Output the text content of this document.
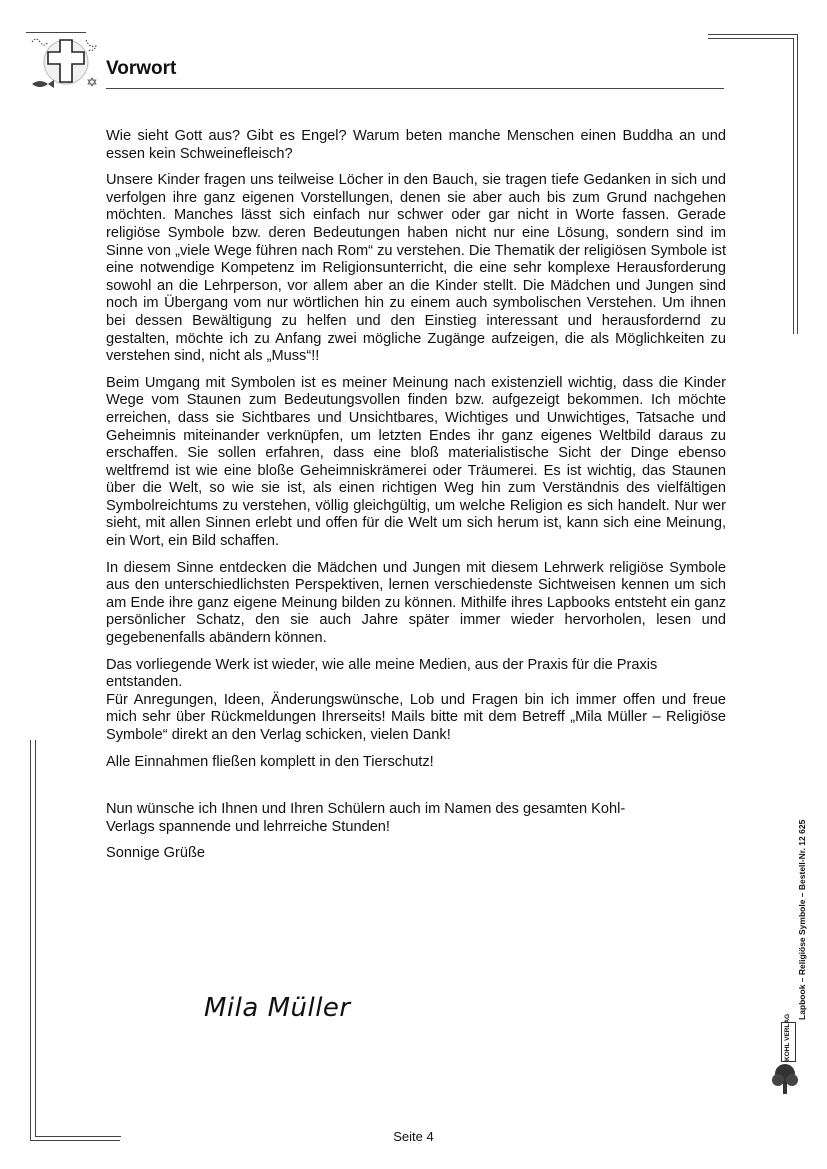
Vorwort

Wie sieht Gott aus? Gibt es Engel? Warum beten manche Menschen einen Buddha an und essen kein Schweinefleisch?

Unsere Kinder fragen uns teilweise Löcher in den Bauch, sie tragen tiefe Gedanken in sich und verfolgen ihre ganz eigenen Vorstellungen, denen sie aber auch bis zum Grund nachgehen möchten. Manches lässt sich einfach nur schwer oder gar nicht in Worte fassen. Gerade religiöse Symbole bzw. deren Bedeutungen haben nicht nur eine Lösung, sondern sind im Sinne von „viele Wege führen nach Rom“ zu verstehen. Die Thematik der religiösen Symbole ist eine notwendige Kompetenz im Religionsunterricht, die eine sehr komplexe Herausforderung sowohl an die Lehrperson, vor allem aber an die Kinder stellt. Die Mädchen und Jungen sind noch im Übergang vom nur wörtlichen hin zu einem auch symbolischen Verstehen. Um ihnen bei dessen Bewältigung zu helfen und den Einstieg interessant und herausfordernd zu gestalten, möchte ich zu Anfang zwei mögliche Zugänge aufzeigen, die als Möglichkeiten zu verstehen sind, nicht als „Muss“!!

Beim Umgang mit Symbolen ist es meiner Meinung nach existenziell wichtig, dass die Kinder Wege vom Staunen zum Bedeutungsvollen finden bzw. aufgezeigt bekommen. Ich möchte erreichen, dass sie Sichtbares und Unsichtbares, Wichtiges und Unwichtiges, Tatsache und Geheimnis miteinander verknüpfen, um letzten Endes ihr ganz eigenes Weltbild daraus zu erschaffen. Sie sollen erfahren, dass eine bloß materialistische Sicht der Dinge ebenso weltfremd ist wie eine bloße Geheimniskrämerei oder Träumerei. Es ist wichtig, das Staunen über die Welt, so wie sie ist, als einen richtigen Weg hin zum Verständnis des vielfältigen Symbolreichtums zu verstehen, völlig gleichgültig, um welche Religion es sich handelt. Nur wer sieht, mit allen Sinnen erlebt und offen für die Welt um sich herum ist, kann sich eine Meinung, ein Wort, ein Bild schaffen.

In diesem Sinne entdecken die Mädchen und Jungen mit diesem Lehrwerk religiöse Symbole aus den unterschiedlichsten Perspektiven, lernen verschiedenste Sichtweisen kennen um sich am Ende ihre ganz eigene Meinung bilden zu können. Mithilfe ihres Lapbooks entsteht ein ganz persönlicher Schatz, den sie auch Jahre später immer wieder hervorholen, lesen und gegebenenfalls abändern können.

Das vorliegende Werk ist wieder, wie alle meine Medien, aus der Praxis für die Praxis entstanden.

Für Anregungen, Ideen, Änderungswünsche, Lob und Fragen bin ich immer offen und freue mich sehr über Rückmeldungen Ihrerseits! Mails bitte mit dem Betreff „Mila Müller – Religiöse Symbole“ direkt an den Verlag schicken, vielen Dank!

Alle Einnahmen fließen komplett in den Tierschutz!

Nun wünsche ich Ihnen und Ihren Schülern auch im Namen des gesamten Kohl-Verlags spannende und lehrreiche Stunden!

Sonnige Grüße

Mila Müller
Seite 4
Lapbook – Religiöse Symbole – Bestell-Nr. 12 625
KOHL VERLAG
